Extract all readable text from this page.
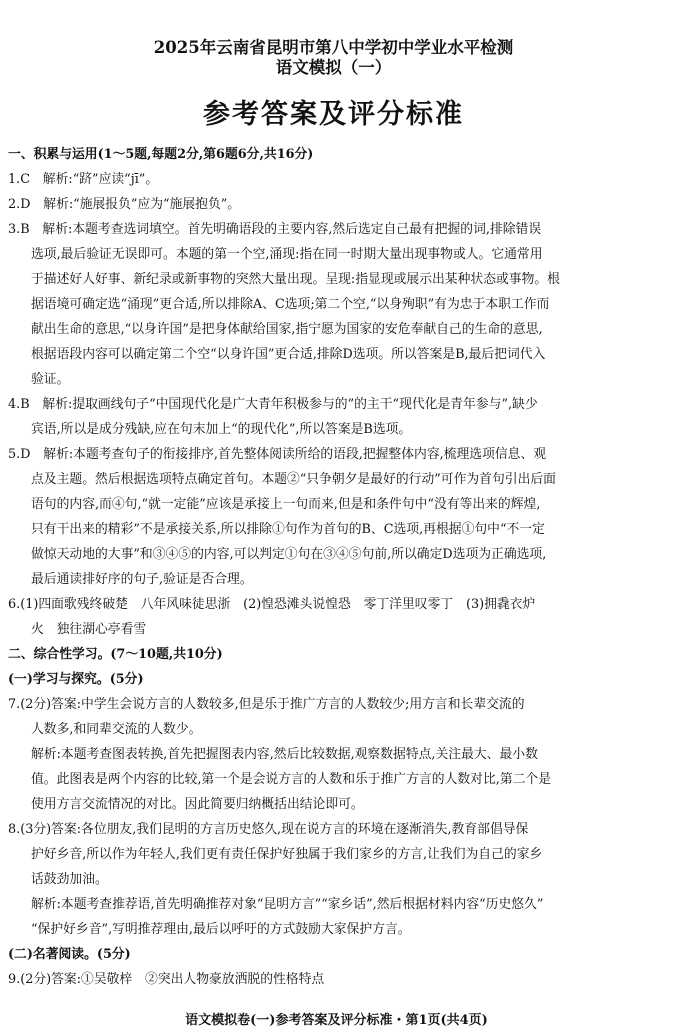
2025年云南省昆明市第八中学初中学业水平检测
语文模拟（一）
参考答案及评分标准
一、积累与运用(1～5题,每题2分,第6题6分,共16分)
1.C　解析:“跻”应读“jī”。
2.D　解析:“施展报负”应为“施展抱负”。
3.B　解析:本题考查选词填空。首先明确语段的主要内容,然后选定自己最有把握的词,排除错误
选项,最后验证无误即可。本题的第一个空,涌现:指在同一时期大量出现事物或人。它通常用
于描述好人好事、新纪录或新事物的突然大量出现。呈现:指显现或展示出某种状态或事物。根
据语境可确定选“涌现”更合适,所以排除A、C选项;第二个空,“以身殉职”有为忠于本职工作而
献出生命的意思,“以身许国”是把身体献给国家,指宁愿为国家的安危奉献自己的生命的意思,
根据语段内容可以确定第二个空“以身许国”更合适,排除D选项。所以答案是B,最后把词代入
验证。
4.B　解析:提取画线句子“中国现代化是广大青年积极参与的”的主干“现代化是青年参与”,缺少
宾语,所以是成分残缺,应在句末加上“的现代化”,所以答案是B选项。
5.D　解析:本题考查句子的衔接排序,首先整体阅读所给的语段,把握整体内容,梳理选项信息、观
点及主题。然后根据选项特点确定首句。本题②“只争朝夕是最好的行动”可作为首句引出后面
语句的内容,而④句,“就一定能”应该是承接上一句而来,但是和条件句中“没有等出来的辉煌,
只有干出来的精彩”不是承接关系,所以排除①句作为首句的B、C选项,再根据①句中“不一定
做惊天动地的大事”和③④⑤的内容,可以判定①句在③④⑤句前,所以确定D选项为正确选项,
最后通读排好序的句子,验证是否合理。
6.(1)四面歌残终破楚　八年风味徒思浙　(2)惶恐滩头说惶恐　零丁洋里叹零丁　(3)拥毳衣炉
火　独往湖心亭看雪
二、综合性学习。(7～10题,共10分)
(一)学习与探究。(5分)
7.(2分)答案:中学生会说方言的人数较多,但是乐于推广方言的人数较少;用方言和长辈交流的
人数多,和同辈交流的人数少。
解析:本题考查图表转换,首先把握图表内容,然后比较数据,观察数据特点,关注最大、最小数
值。此图表是两个内容的比较,第一个是会说方言的人数和乐于推广方言的人数对比,第二个是
使用方言交流情况的对比。因此简要归纳概括出结论即可。
8.(3分)答案:各位朋友,我们昆明的方言历史悠久,现在说方言的环境在逐渐消失,教育部倡导保
护好乡音,所以作为年轻人,我们更有责任保护好独属于我们家乡的方言,让我们为自己的家乡
话鼓劲加油。
解析:本题考查推荐语,首先明确推荐对象“昆明方言”“家乡话”,然后根据材料内容“历史悠久”
“保护好乡音”,写明推荐理由,最后以呼吁的方式鼓励大家保护方言。
(二)名著阅读。(5分)
9.(2分)答案:①吴敬梓　②突出人物豪放洒脱的性格特点
语文模拟卷(一)参考答案及评分标准・第1页(共4页)
